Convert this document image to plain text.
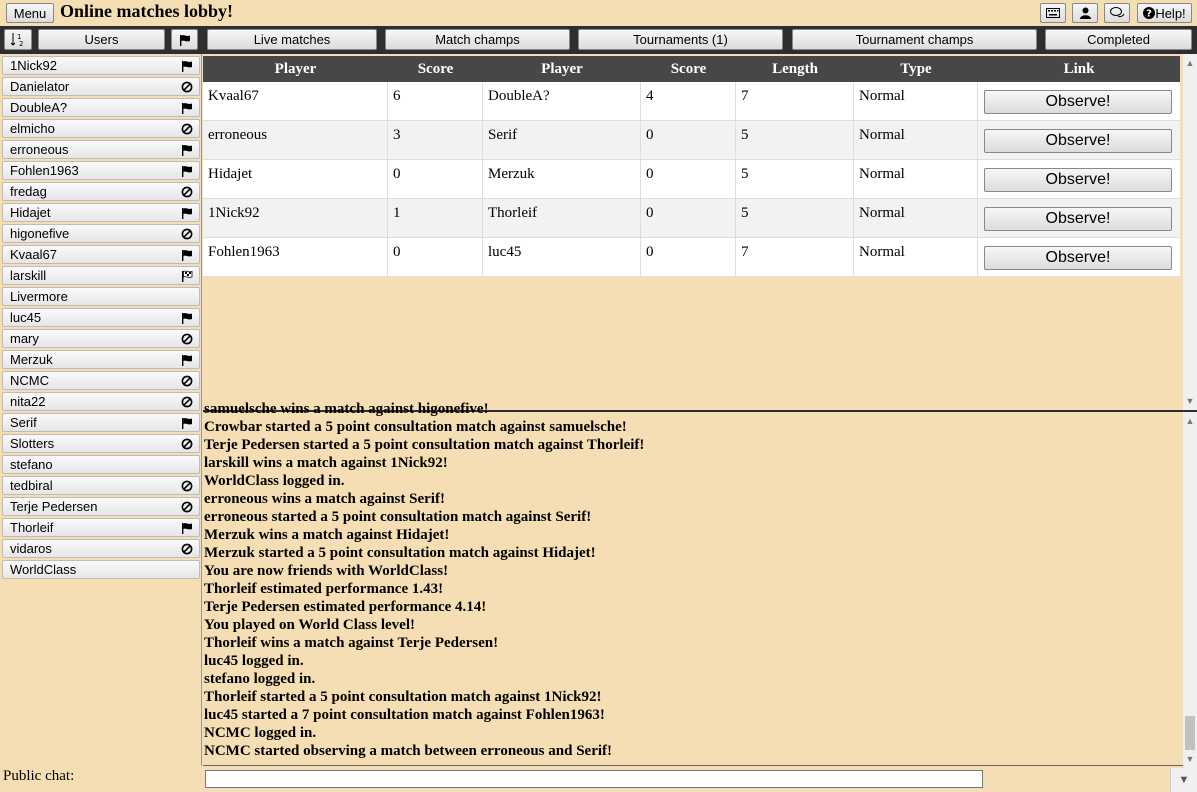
Menu Online matches lobby!	? Help!
1
2	Users	Live matches	Match champs	Tournaments (1)	Tournament champs	Completed
1Nick92
Danielator
DoubleA?
elmicho
erroneous
Fohlen1963
fredag
Hidajet
higonefive
Kvaal67
larskill
Livermore
luc45
mary
Merzuk
NCMC
nita22
Serif
Slotters
stefano
tedbiral
Terje Pedersen
Thorleif
vidaros
WorldClass
Player	Score	Player	Score	Length	Type	Link
Kvaal67	6	DoubleA?	4	7	Normal	Observe!
erroneous	3	Serif	0	5	Normal	Observe!
Hidajet	0	Merzuk	0	5	Normal	Observe!
1Nick92	1	Thorleif	0	5	Normal	Observe!
Fohlen1963	0	luc45	0	7	Normal	Observe!
▲
▼
samuelsche wins a match against higonefive!
Crowbar started a 5 point consultation match against samuelsche!
Terje Pedersen started a 5 point consultation match against Thorleif!
larskill wins a match against 1Nick92!
WorldClass logged in.
erroneous wins a match against Serif!
erroneous started a 5 point consultation match against Serif!
Merzuk wins a match against Hidajet!
Merzuk started a 5 point consultation match against Hidajet!
You are now friends with WorldClass!
Thorleif estimated performance 1.43!
Terje Pedersen estimated performance 4.14!
You played on World Class level!
Thorleif wins a match against Terje Pedersen!
luc45 logged in.
stefano logged in.
Thorleif started a 5 point consultation match against 1Nick92!
luc45 started a 7 point consultation match against Fohlen1963!
NCMC logged in.
NCMC started observing a match between erroneous and Serif!
▲
▼
Public chat:	▼
